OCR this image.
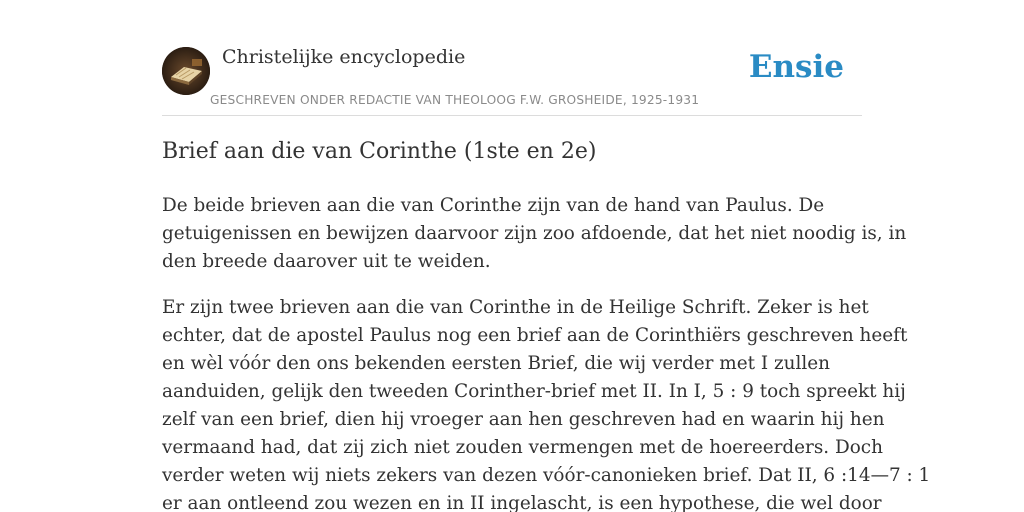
Christelijke encyclopedie
GESCHREVEN ONDER REDACTIE VAN THEOLOOG F.W. GROSHEIDE, 1925-1931
Ensie
Brief aan die van Corinthe (1ste en 2e)

De beide brieven aan die van Corinthe zijn van de hand van Paulus. De
getuigenissen en bewijzen daarvoor zijn zoo afdoende, dat het niet noodig is, in
den breede daarover uit te weiden.

Er zijn twee brieven aan die van Corinthe in de Heilige Schrift. Zeker is het
echter, dat de apostel Paulus nog een brief aan de Corinthiërs geschreven heeft
en wèl vóór den ons bekenden eersten Brief, die wij verder met I zullen
aanduiden, gelijk den tweeden Corinther-brief met II. In I, 5 : 9 toch spreekt hij
zelf van een brief, dien hij vroeger aan hen geschreven had en waarin hij hen
vermaand had, dat zij zich niet zouden vermengen met de hoereerders. Doch
verder weten wij niets zekers van dezen vóór-canonieken brief. Dat II, 6 :14—7 : 1
er aan ontleend zou wezen en in II ingelascht, is een hypothese, die wel door
